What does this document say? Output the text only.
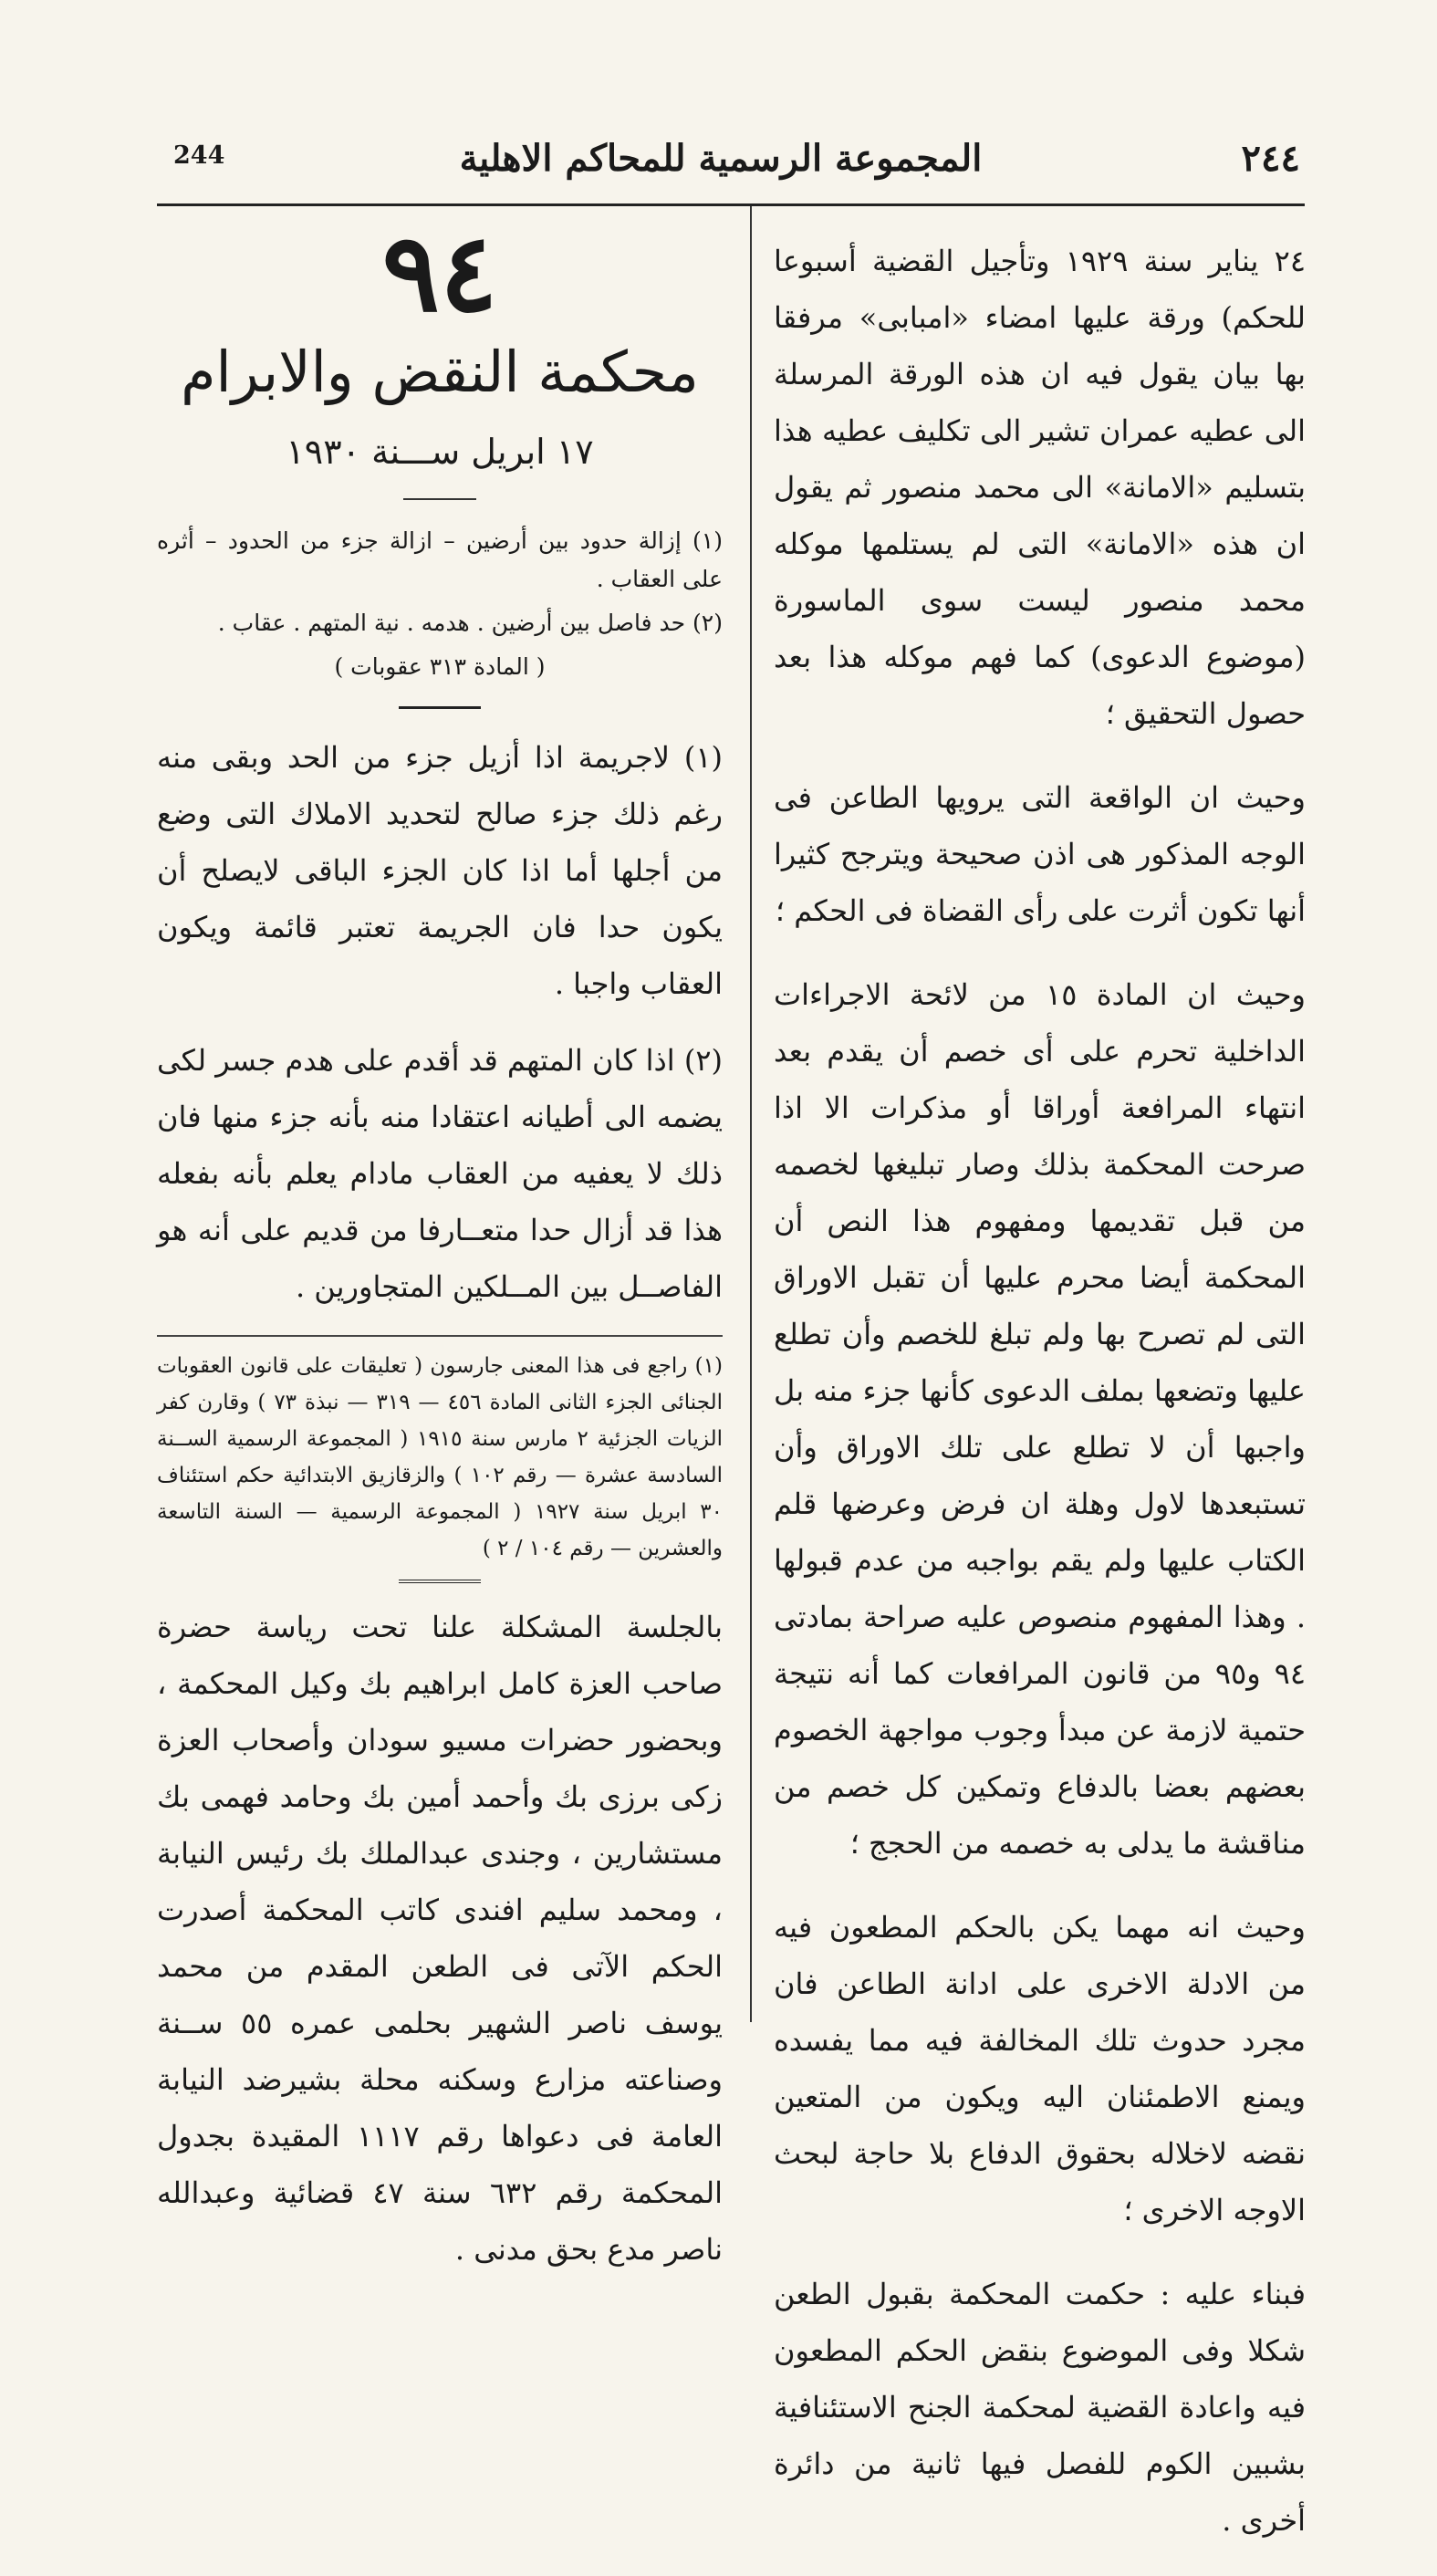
244	المجموعة الرسمية للمحاكم الاهلية	٢٤٤
٩٤
محكمة النقض والابرام
١٧ ابريل ســـنة ١٩٣٠
(١) إزالة حدود بين أرضين – ازالة جزء من الحدود – أثره على العقاب .
(٢) حد فاصل بين أرضين . هدمه . نية المتهم . عقاب .
( المادة ٣١٣ عقوبات )
(١) لاجريمة اذا أزيل جزء من الحد وبقى منه رغم ذلك جزء صالح لتحديد الاملاك التى وضع من أجلها أما اذا كان الجزء الباقى لايصلح أن يكون حدا فان الجريمة تعتبر قائمة ويكون العقاب واجبا .
(٢) اذا كان المتهم قد أقدم على هدم جسر لكى يضمه الى أطيانه اعتقادا منه بأنه جزء منها فان ذلك لا يعفيه من العقاب مادام يعلم بأنه بفعله هذا قد أزال حدا متعــارفا من قديم على أنه هو الفاصــل بين المــلكين المتجاورين .
(١) راجع فى هذا المعنى جارسون ( تعليقات على قانون العقوبات الجنائى الجزء الثانى المادة ٤٥٦ — ٣١٩ — نبذة ٧٣ ) وقارن كفر الزيات الجزئية ٢ مارس سنة ١٩١٥ ( المجموعة الرسمية الســنة السادسة عشرة — رقم ١٠٢ ) والزقازيق الابتدائية حكم استئناف ٣٠ ابريل سنة ١٩٢٧ ( المجموعة الرسمية — السنة التاسعة والعشرين — رقم ١٠٤ / ٢ )
بالجلسة المشكلة علنا تحت رياسة حضرة صاحب العزة كامل ابراهيم بك وكيل المحكمة ، وبحضور حضرات مسيو سودان وأصحاب العزة زكى برزى بك وأحمد أمين بك وحامد فهمى بك مستشارين ، وجندى عبدالملك بك رئيس النيابة ، ومحمد سليم افندى كاتب المحكمة أصدرت الحكم الآتى فى الطعن المقدم من محمد يوسف ناصر الشهير بحلمى عمره ٥٥ ســنة وصناعته مزارع وسكنه محلة بشيرضد النيابة العامة فى دعواها رقم ١١١٧ المقيدة بجدول المحكمة رقم ٦٣٢ سنة ٤٧ قضائية وعبدالله ناصر مدع بحق مدنى .
٢٤ يناير سنة ١٩٢٩ وتأجيل القضية أسبوعا للحكم) ورقة عليها امضاء «امبابى» مرفقا بها بيان يقول فيه ان هذه الورقة المرسلة الى عطيه عمران تشير الى تكليف عطيه هذا بتسليم «الامانة» الى محمد منصور ثم يقول ان هذه «الامانة» التى لم يستلمها موكله محمد منصور ليست سوى الماسورة (موضوع الدعوى) كما فهم موكله هذا بعد حصول التحقيق ؛
وحيث ان الواقعة التى يرويها الطاعن فى الوجه المذكور هى اذن صحيحة ويترجح كثيرا أنها تكون أثرت على رأى القضاة فى الحكم ؛
وحيث ان المادة ١٥ من لائحة الاجراءات الداخلية تحرم على أى خصم أن يقدم بعد انتهاء المرافعة أوراقا أو مذكرات الا اذا صرحت المحكمة بذلك وصار تبليغها لخصمه من قبل تقديمها ومفهوم هذا النص أن المحكمة أيضا محرم عليها أن تقبل الاوراق التى لم تصرح بها ولم تبلغ للخصم وأن تطلع عليها وتضعها بملف الدعوى كأنها جزء منه بل واجبها أن لا تطلع على تلك الاوراق وأن تستبعدها لاول وهلة ان فرض وعرضها قلم الكتاب عليها ولم يقم بواجبه من عدم قبولها . وهذا المفهوم منصوص عليه صراحة بمادتى ٩٤ و٩٥ من قانون المرافعات كما أنه نتيجة حتمية لازمة عن مبدأ وجوب مواجهة الخصوم بعضهم بعضا بالدفاع وتمكين كل خصم من مناقشة ما يدلى به خصمه من الحجج ؛
وحيث انه مهما يكن بالحكم المطعون فيه من الادلة الاخرى على ادانة الطاعن فان مجرد حدوث تلك المخالفة فيه مما يفسده ويمنع الاطمئنان اليه ويكون من المتعين نقضه لاخلاله بحقوق الدفاع بلا حاجة لبحث الاوجه الاخرى ؛
فبناء عليه : حكمت المحكمة بقبول الطعن شكلا وفى الموضوع بنقض الحكم المطعون فيه واعادة القضية لمحكمة الجنح الاستئنافية بشبين الكوم للفصل فيها ثانية من دائرة أخرى .
